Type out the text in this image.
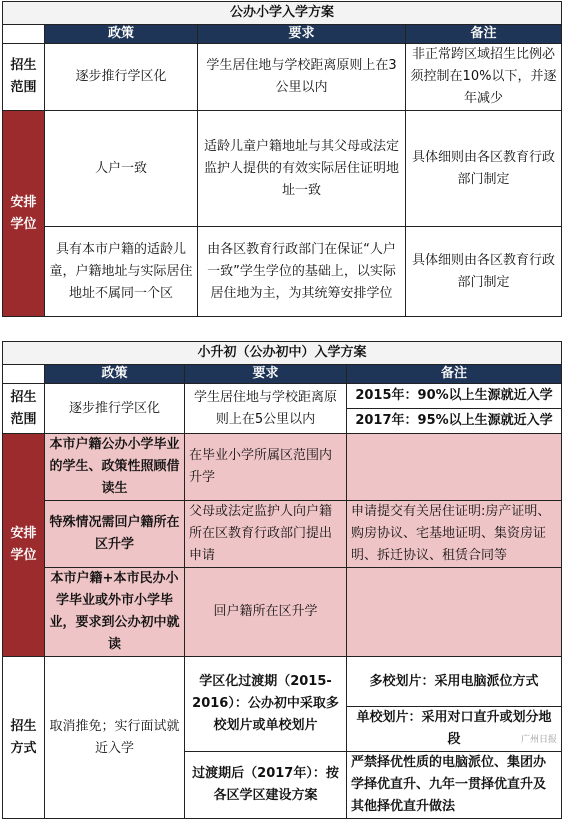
公办小学入学方案			
	政策	要求	备注
招生范围	逐步推行学区化	学生居住地与学校距离原则上在3公里以内	非正常跨区域招生比例必须控制在10%以下，并逐年减少
安排学位	人户一致	适龄儿童户籍地址与其父母或法定监护人提供的有效实际居住证明地址一致	具体细则由各区教育行政部门制定
	具有本市户籍的适龄儿童，户籍地址与实际居住地址不属同一个区	由各区教育行政部门在保证“人户一致”学生学位的基础上，以实际居住地为主，为其统筹安排学位	具体细则由各区教育行政部门制定
小升初（公办初中）入学方案			
	政策	要求	备注
招生范围	逐步推行学区化	学生居住地与学校距离原则上在5公里以内	2015年：90%以上生源就近入学
			2017年：95%以上生源就近入学
安排学位	本市户籍公办小学毕业的学生、政策性照顾借读生	在毕业小学所属区范围内升学	
	特殊情况需回户籍所在区升学	父母或法定监护人向户籍所在区教育行政部门提出申请	申请提交有关居住证明:房产证明、购房协议、宅基地证明、集资房证明、拆迁协议、租赁合同等
	本市户籍+本市民办小学毕业或外市小学毕业，要求到公办初中就读	回户籍所在区升学	
招生方式	取消推免；实行面试就近入学	学区化过渡期（2015-2016）：公办初中采取多校划片或单校划片	多校划片：采用电脑派位方式
			单校划片：采用对口直升或划分地段
		过渡期后（2017年）：按各区学区建设方案	严禁择优性质的电脑派位、集团办学择优直升、九年一贯择优直升及其他择优直升做法	广州日报
